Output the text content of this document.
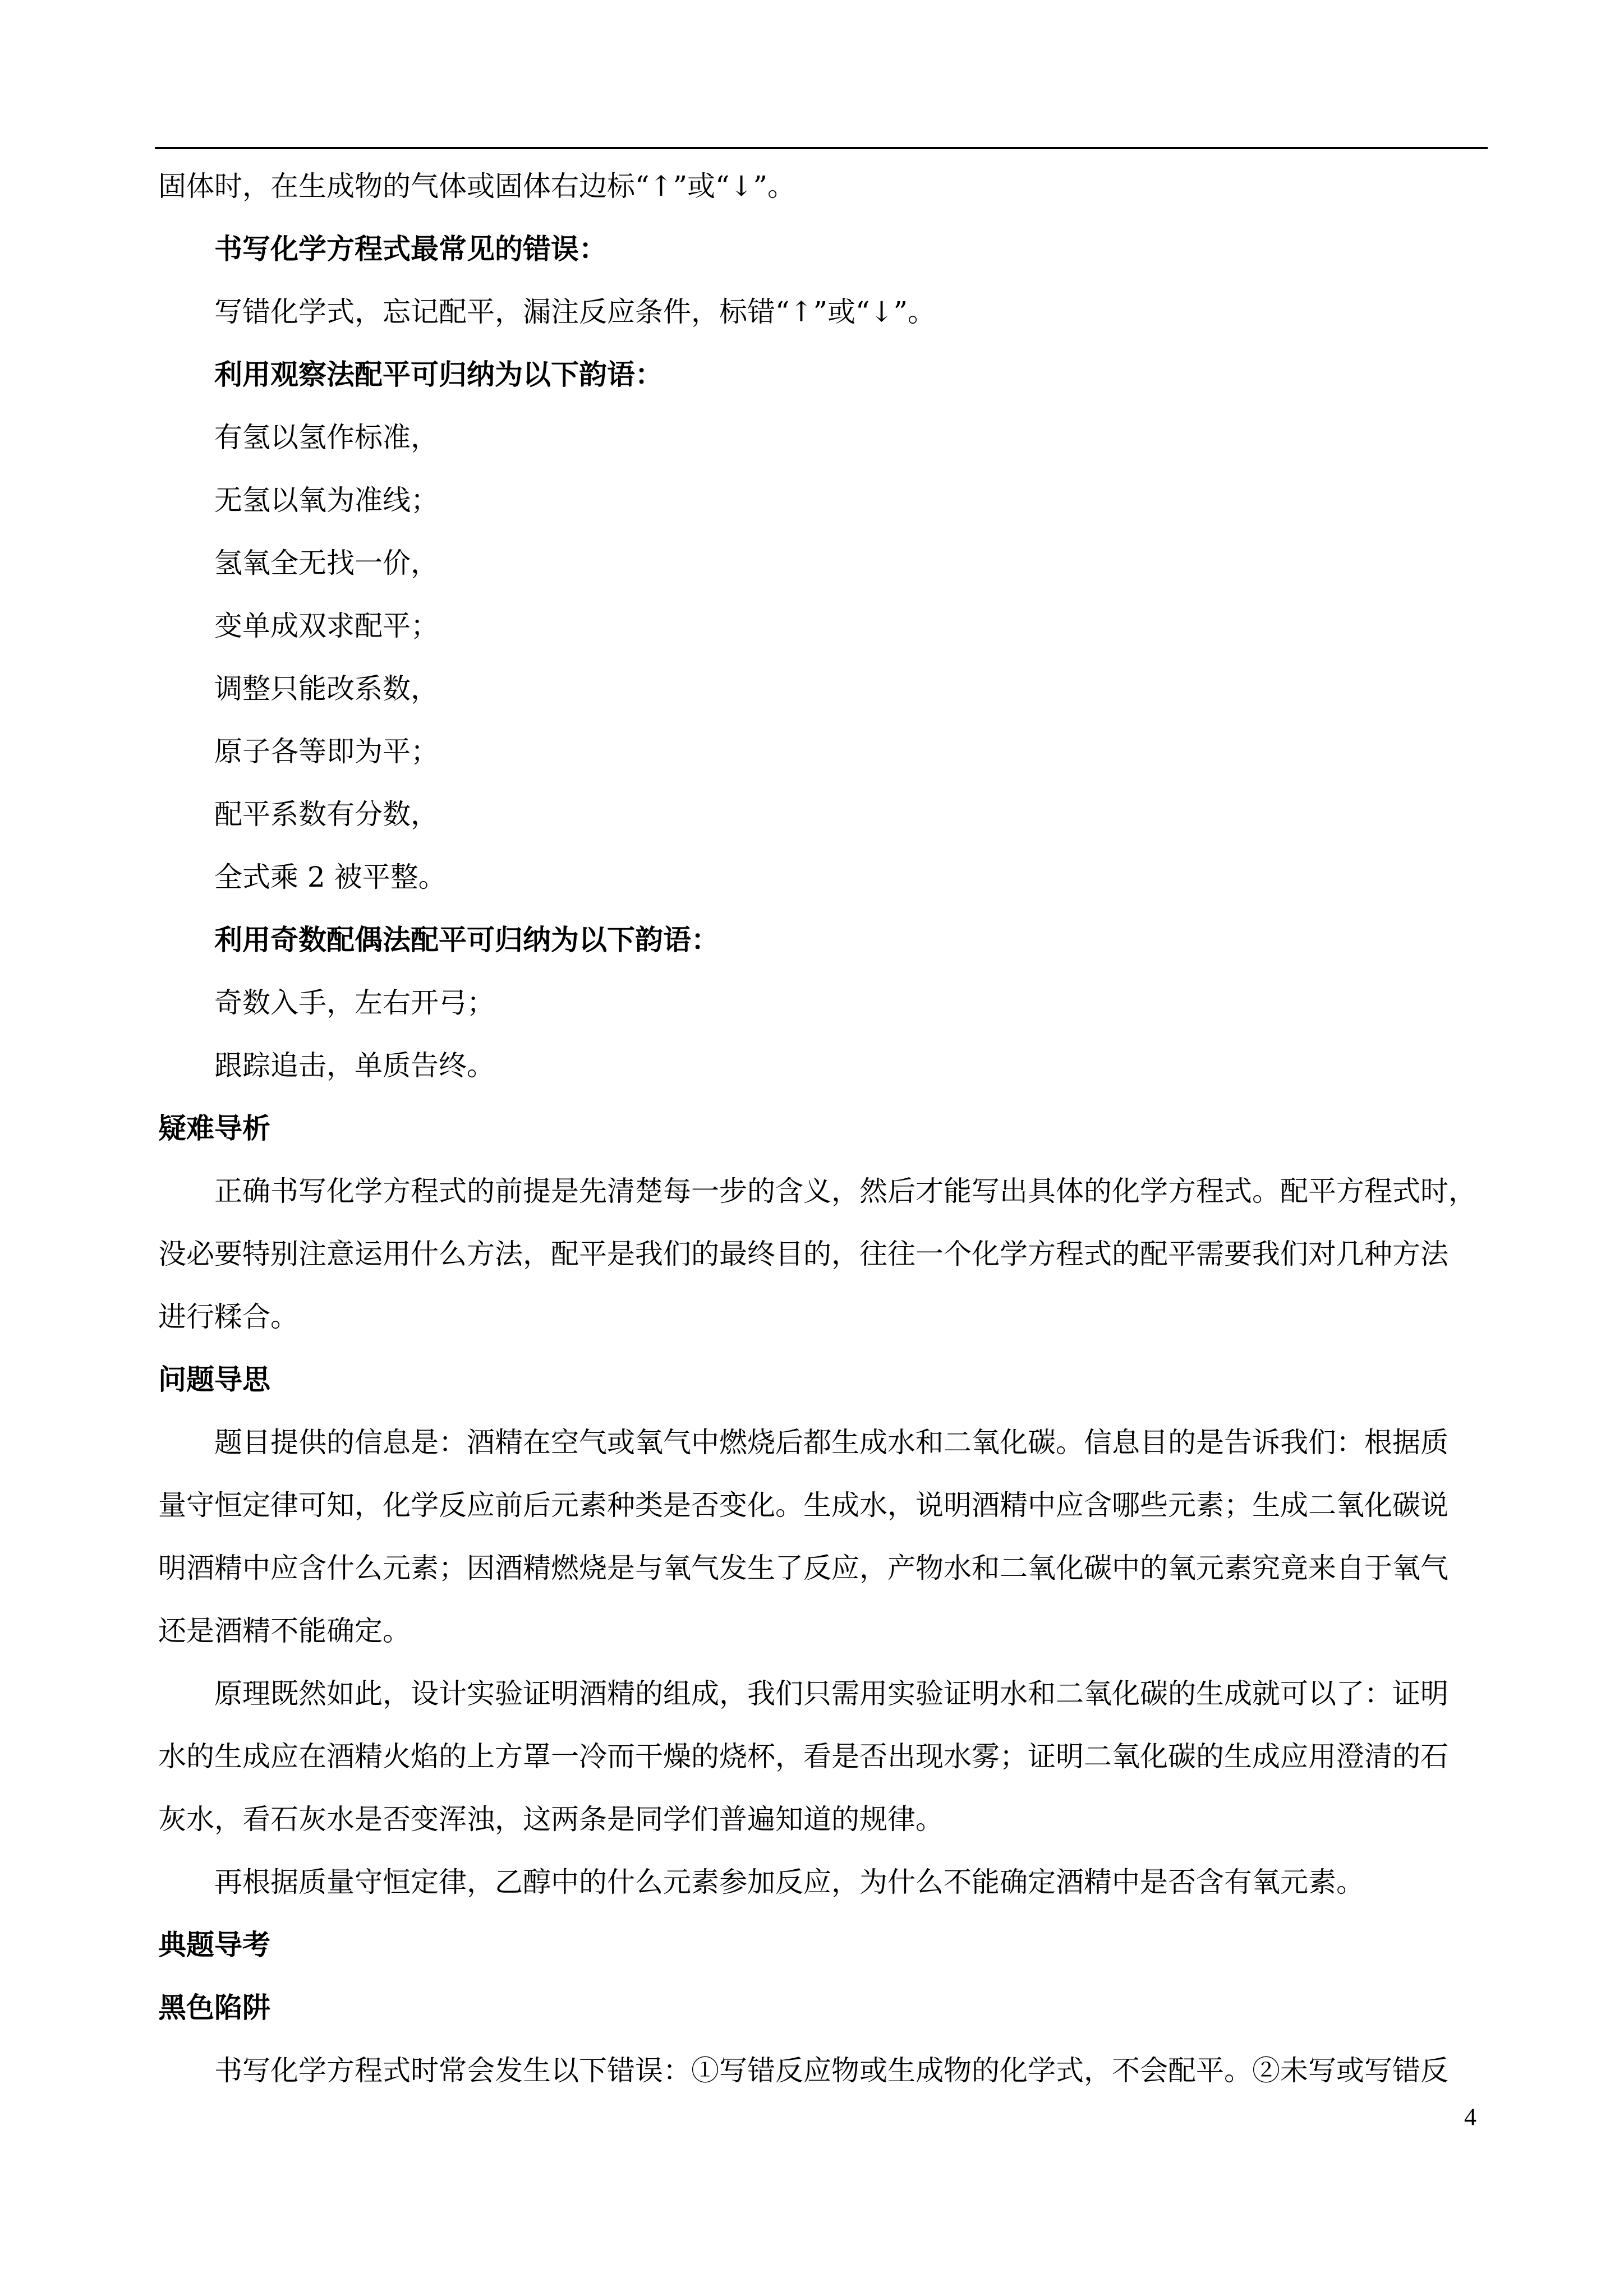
固体时，在生成物的气体或固体右边标“↑”或“↓”。
书写化学方程式最常见的错误：
写错化学式，忘记配平，漏注反应条件，标错“↑”或“↓”。
利用观察法配平可归纳为以下韵语：
有氢以氢作标准，
无氢以氧为准线；
氢氧全无找一价，
变单成双求配平；
调整只能改系数，
原子各等即为平；
配平系数有分数，
全式乘 2 被平整。
利用奇数配偶法配平可归纳为以下韵语：
奇数入手，左右开弓；
跟踪追击，单质告终。
疑难导析
正确书写化学方程式的前提是先清楚每一步的含义，然后才能写出具体的化学方程式。配平方程式时，
没必要特别注意运用什么方法，配平是我们的最终目的，往往一个化学方程式的配平需要我们对几种方法
进行糅合。
问题导思
题目提供的信息是：酒精在空气或氧气中燃烧后都生成水和二氧化碳。信息目的是告诉我们：根据质
量守恒定律可知，化学反应前后元素种类是否变化。生成水，说明酒精中应含哪些元素；生成二氧化碳说
明酒精中应含什么元素；因酒精燃烧是与氧气发生了反应，产物水和二氧化碳中的氧元素究竟来自于氧气
还是酒精不能确定。
原理既然如此，设计实验证明酒精的组成，我们只需用实验证明水和二氧化碳的生成就可以了：证明
水的生成应在酒精火焰的上方罩一冷而干燥的烧杯，看是否出现水雾；证明二氧化碳的生成应用澄清的石
灰水，看石灰水是否变浑浊，这两条是同学们普遍知道的规律。
再根据质量守恒定律，乙醇中的什么元素参加反应，为什么不能确定酒精中是否含有氧元素。
典题导考
黑色陷阱
书写化学方程式时常会发生以下错误：①写错反应物或生成物的化学式，不会配平。②未写或写错反
4
